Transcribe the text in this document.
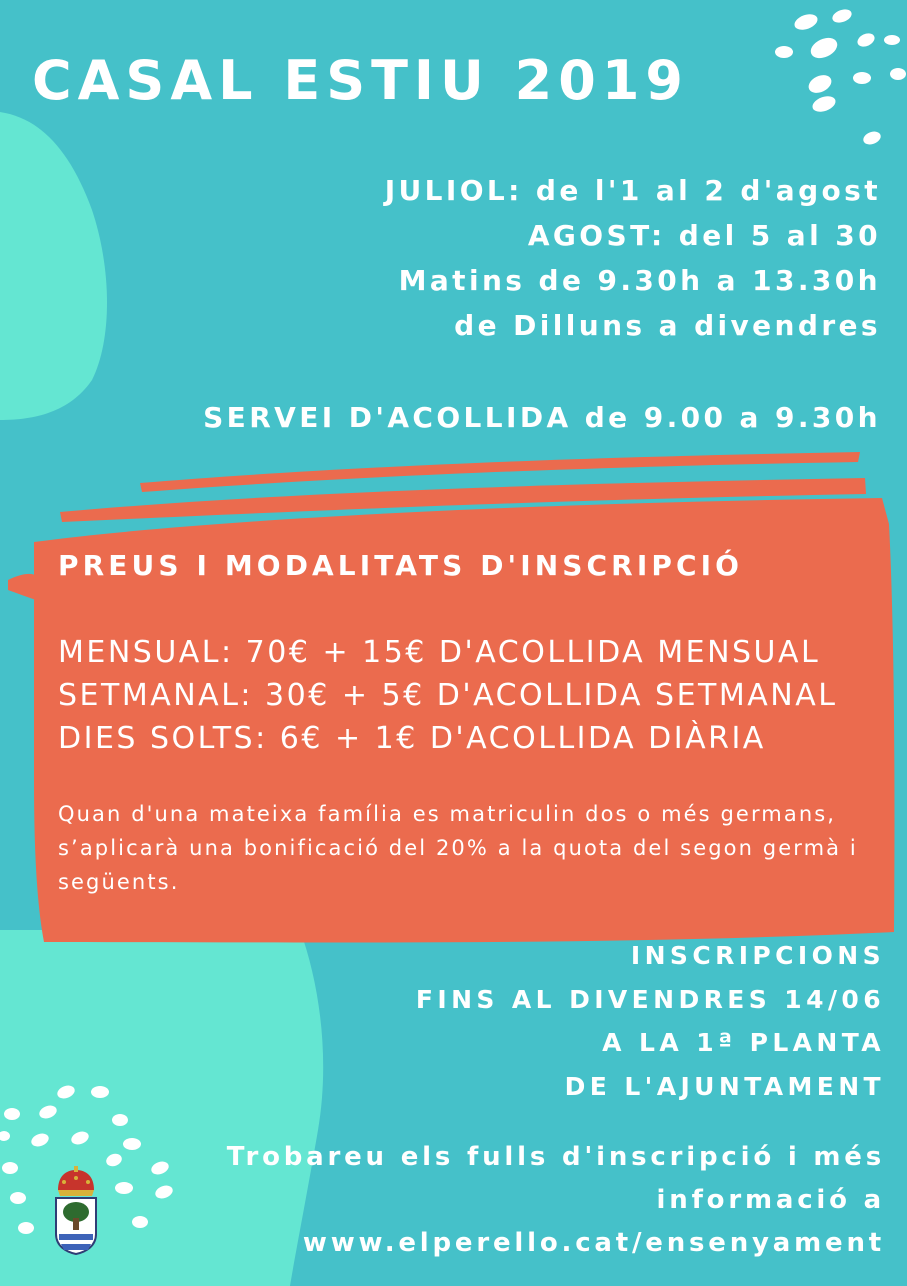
CASAL ESTIU 2019
JULIOL: de l'1 al 2 d'agost
AGOST: del 5 al 30
Matins de 9.30h a 13.30h
de Dilluns a divendres
SERVEI D'ACOLLIDA de 9.00 a 9.30h
PREUS I MODALITATS D'INSCRIPCIÓ
MENSUAL: 70€ + 15€ D'ACOLLIDA MENSUAL
SETMANAL: 30€ + 5€ D'ACOLLIDA SETMANAL
DIES SOLTS: 6€ + 1€ D'ACOLLIDA DIÀRIA

Quan d'una mateixa família es matriculin dos o més germans, s’aplicarà una bonificació del 20% a la quota del segon germà i següents.

INSCRIPCIONS
FINS AL DIVENDRES 14/06
A LA 1ª PLANTA
DE L'AJUNTAMENT
Trobareu els fulls d'inscripció i més
informació a
www.elperello.cat/ensenyament
